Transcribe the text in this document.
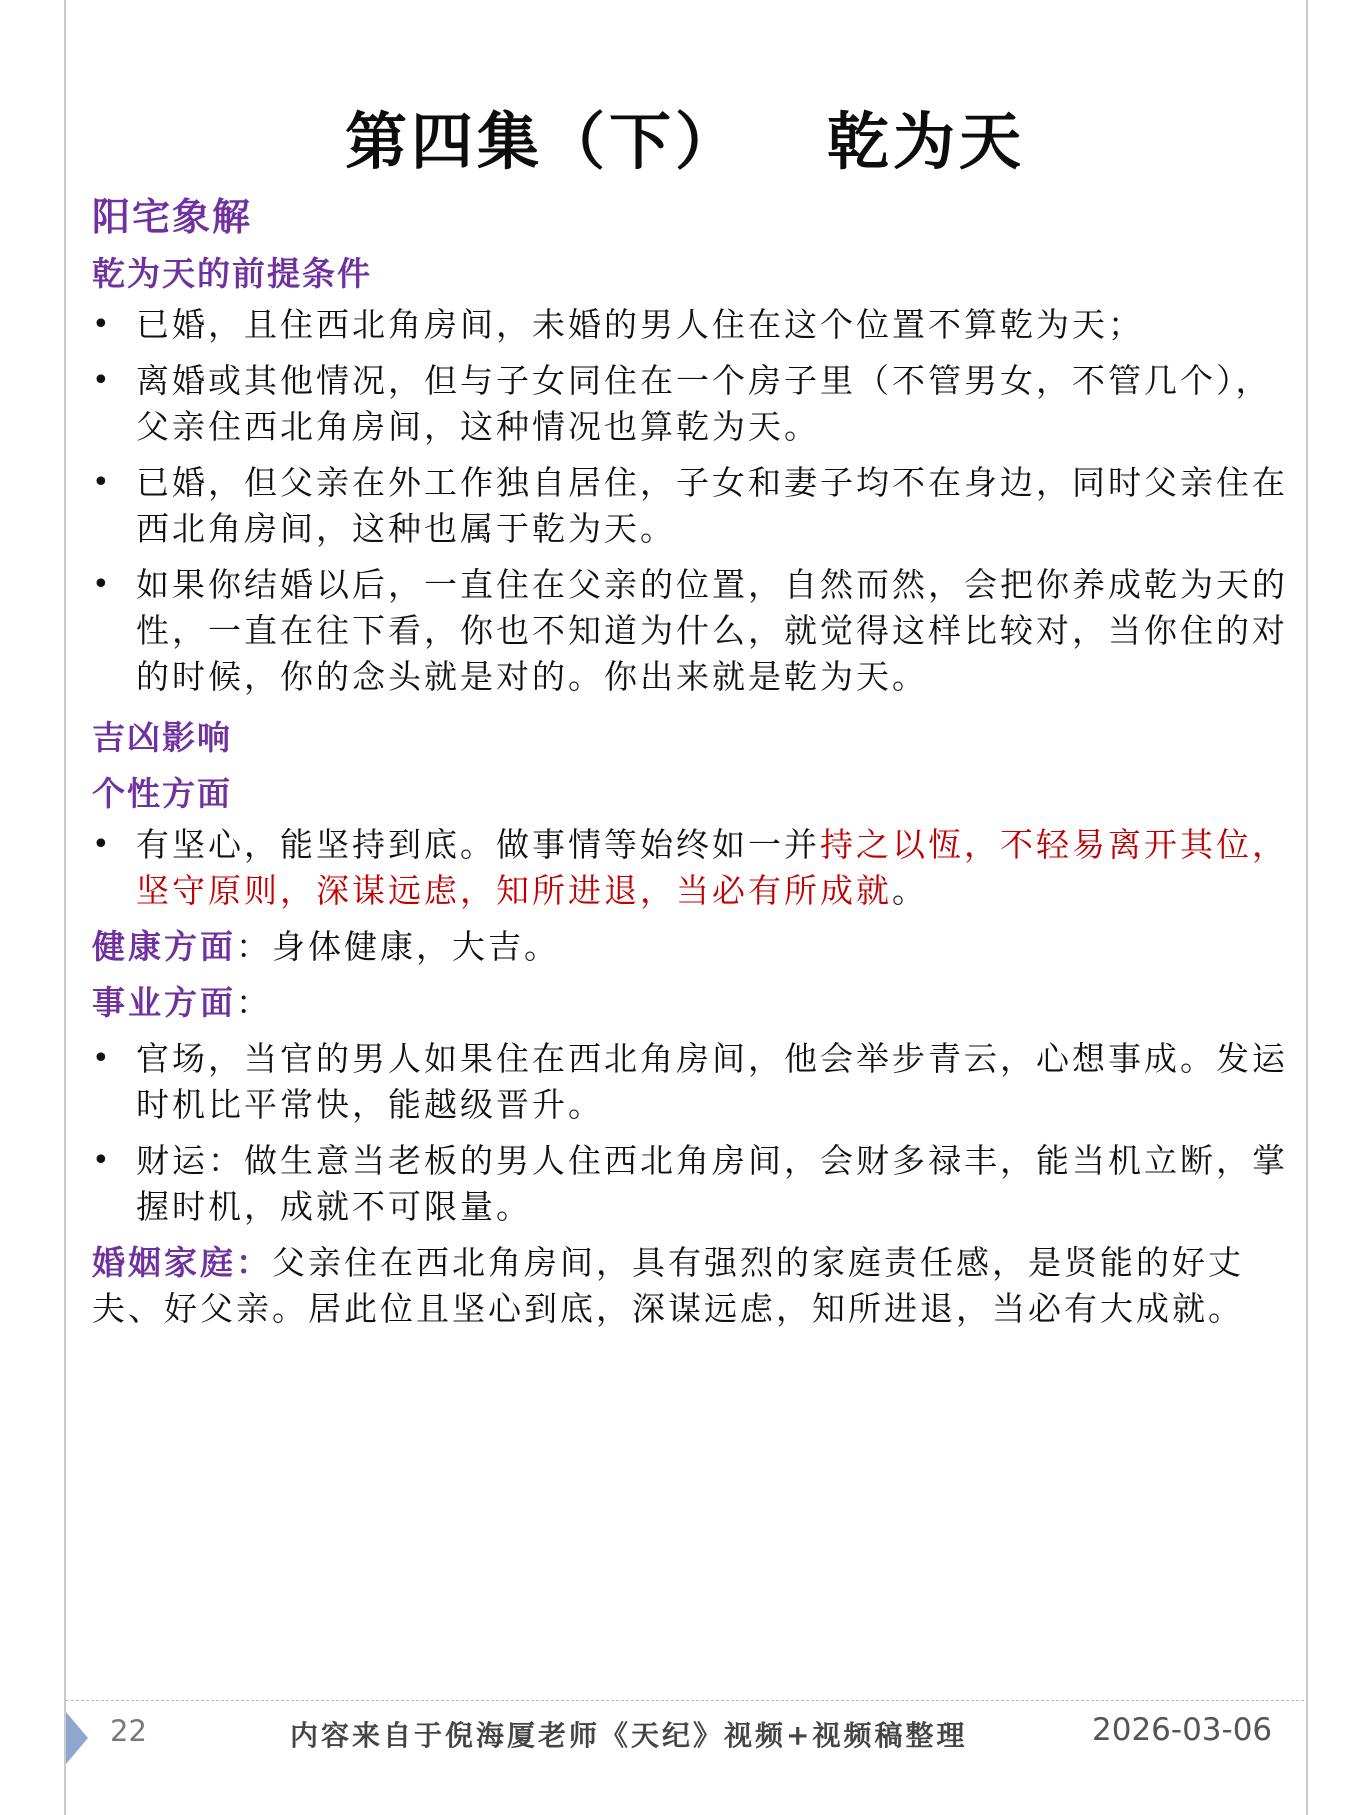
第四集（下） 乾为天
阳宅象解
乾为天的前提条件
• 已婚，且住西北角房间，未婚的男人住在这个位置不算乾为天；
• 离婚或其他情况，但与子女同住在一个房子里（不管男女，不管几个），父亲住西北角房间，这种情况也算乾为天。
• 已婚，但父亲在外工作独自居住，子女和妻子均不在身边，同时父亲住在西北角房间，这种也属于乾为天。
• 如果你结婚以后，一直住在父亲的位置，自然而然，会把你养成乾为天的性，一直在往下看，你也不知道为什么，就觉得这样比较对，当你住的对的时候，你的念头就是对的。你出来就是乾为天。
吉凶影响
个性方面
• 有坚心，能坚持到底。做事情等始终如一并持之以恆，不轻易离开其位，坚守原则，深谋远虑，知所进退，当必有所成就。
健康方面：身体健康，大吉。
事业方面：
• 官场，当官的男人如果住在西北角房间，他会举步青云，心想事成。发运时机比平常快，能越级晋升。
• 财运：做生意当老板的男人住西北角房间，会财多禄丰，能当机立断，掌握时机，成就不可限量。
婚姻家庭：父亲住在西北角房间，具有强烈的家庭责任感，是贤能的好丈夫、好父亲。居此位且坚心到底，深谋远虑，知所进退，当必有大成就。
22	内容来自于倪海厦老师《天纪》视频+视频稿整理	2026-03-06
